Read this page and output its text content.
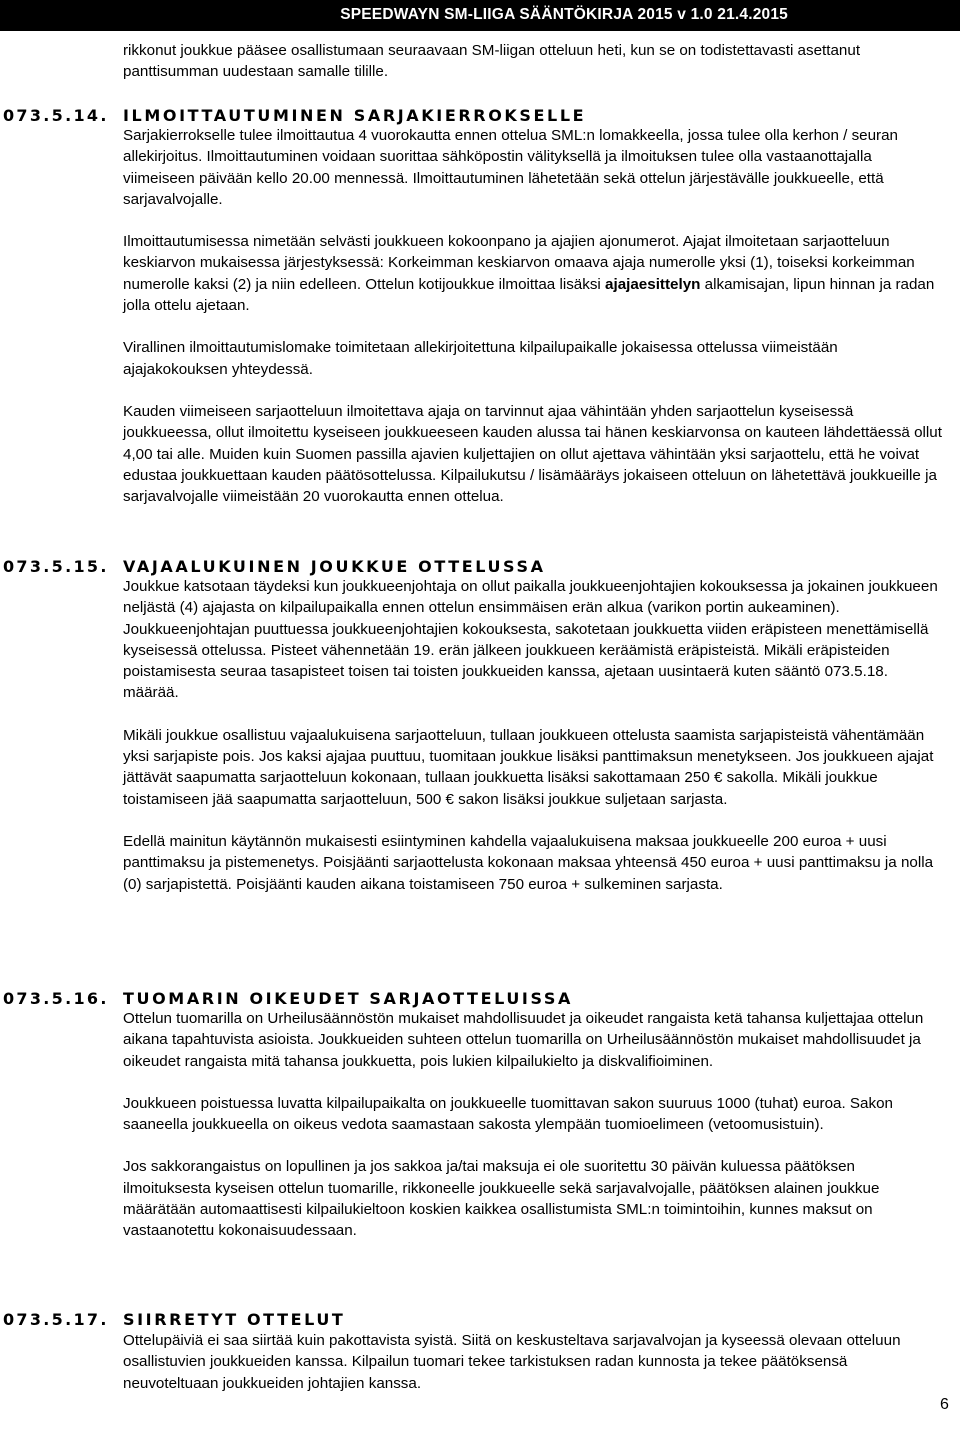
SPEEDWAYN SM-LIIGA SÄÄNTÖKIRJA 2015 v 1.0 21.4.2015

rikkonut joukkue pääsee osallistumaan seuraavaan SM-liigan otteluun heti, kun se on todistettavasti asettanut panttisumman uudestaan samalle tilille.

073.5.14. ILMOITTAUTUMINEN SARJAKIERROKSELLE

Sarjakierrokselle tulee ilmoittautua 4 vuorokautta ennen ottelua SML:n lomakkeella, jossa tulee olla kerhon / seuran allekirjoitus. Ilmoittautuminen voidaan suorittaa sähköpostin välityksellä ja ilmoituksen tulee olla vastaanottajalla viimeiseen päivään kello 20.00 mennessä. Ilmoittautuminen lähetetään sekä ottelun järjestävälle joukkueelle, että sarjavalvojalle.

Ilmoittautumisessa nimetään selvästi joukkueen kokoonpano ja ajajien ajonumerot. Ajajat ilmoitetaan sarjaotteluun keskiarvon mukaisessa järjestyksessä: Korkeimman keskiarvon omaava ajaja numerolle yksi (1), toiseksi korkeimman numerolle kaksi (2) ja niin edelleen. Ottelun kotijoukkue ilmoittaa lisäksi ajajaesittelyn alkamisajan, lipun hinnan ja radan jolla ottelu ajetaan.

Virallinen ilmoittautumislomake toimitetaan allekirjoitettuna kilpailupaikalle jokaisessa ottelussa viimeistään ajajakokouksen yhteydessä.

Kauden viimeiseen sarjaotteluun ilmoitettava ajaja on tarvinnut ajaa vähintään yhden sarjaottelun kyseisessä joukkueessa, ollut ilmoitettu kyseiseen joukkueeseen kauden alussa tai hänen keskiarvonsa on kauteen lähdettäessä ollut 4,00 tai alle. Muiden kuin Suomen passilla ajavien kuljettajien on ollut ajettava vähintään yksi sarjaottelu, että he voivat edustaa joukkuettaan kauden päätösottelussa. Kilpailukutsu / lisämääräys jokaiseen otteluun on lähetettävä joukkueille ja sarjavalvojalle viimeistään 20 vuorokautta ennen ottelua.

073.5.15. VAJAALUKUINEN JOUKKUE OTTELUSSA

Joukkue katsotaan täydeksi kun joukkueenjohtaja on ollut paikalla joukkueenjohtajien kokouksessa ja jokainen joukkueen neljästä (4) ajajasta on kilpailupaikalla ennen ottelun ensimmäisen erän alkua (varikon portin aukeaminen). Joukkueenjohtajan puuttuessa joukkueenjohtajien kokouksesta, sakotetaan joukkuetta viiden eräpisteen menettämisellä kyseisessä ottelussa. Pisteet vähennetään 19. erän jälkeen joukkueen keräämistä eräpisteistä. Mikäli eräpisteiden poistamisesta seuraa tasapisteet toisen tai toisten joukkueiden kanssa, ajetaan uusintaerä kuten sääntö 073.5.18. määrää.

Mikäli joukkue osallistuu vajaalukuisena sarjaotteluun, tullaan joukkueen ottelusta saamista sarjapisteistä vähentämään yksi sarjapiste pois. Jos kaksi ajajaa puuttuu, tuomitaan joukkue lisäksi panttimaksun menetykseen. Jos joukkueen ajajat jättävät saapumatta sarjaotteluun kokonaan, tullaan joukkuetta lisäksi sakottamaan 250 € sakolla. Mikäli joukkue toistamiseen jää saapumatta sarjaotteluun, 500 € sakon lisäksi joukkue suljetaan sarjasta.

Edellä mainitun käytännön mukaisesti esiintyminen kahdella vajaalukuisena maksaa joukkueelle 200 euroa + uusi panttimaksu ja pistemenetys. Poisjäänti sarjaottelusta kokonaan maksaa yhteensä 450 euroa + uusi panttimaksu ja nolla (0) sarjapistettä. Poisjäänti kauden aikana toistamiseen 750 euroa + sulkeminen sarjasta.

073.5.16. TUOMARIN OIKEUDET SARJAOTTELUISSA

Ottelun tuomarilla on Urheilusäännöstön mukaiset mahdollisuudet ja oikeudet rangaista ketä tahansa kuljettajaa ottelun aikana tapahtuvista asioista. Joukkueiden suhteen ottelun tuomarilla on Urheilusäännöstön mukaiset mahdollisuudet ja oikeudet rangaista mitä tahansa joukkuetta, pois lukien kilpailukielto ja diskvalifioiminen.

Joukkueen poistuessa luvatta kilpailupaikalta on joukkueelle tuomittavan sakon suuruus 1000 (tuhat) euroa. Sakon saaneella joukkueella on oikeus vedota saamastaan sakosta ylempään tuomioelimeen (vetoomusistuin).

Jos sakkorangaistus on lopullinen ja jos sakkoa ja/tai maksuja ei ole suoritettu 30 päivän kuluessa päätöksen ilmoituksesta kyseisen ottelun tuomarille, rikkoneelle joukkueelle sekä sarjavalvojalle, päätöksen alainen joukkue määrätään automaattisesti kilpailukieltoon koskien kaikkea osallistumista SML:n toimintoihin, kunnes maksut on vastaanotettu kokonaisuudessaan.

073.5.17. SIIRRETYT OTTELUT

Ottelupäiviä ei saa siirtää kuin pakottavista syistä. Siitä on keskusteltava sarjavalvojan ja kyseessä olevaan otteluun osallistuvien joukkueiden kanssa. Kilpailun tuomari tekee tarkistuksen radan kunnosta ja tekee päätöksensä neuvoteltuaan joukkueiden johtajien kanssa.

6
